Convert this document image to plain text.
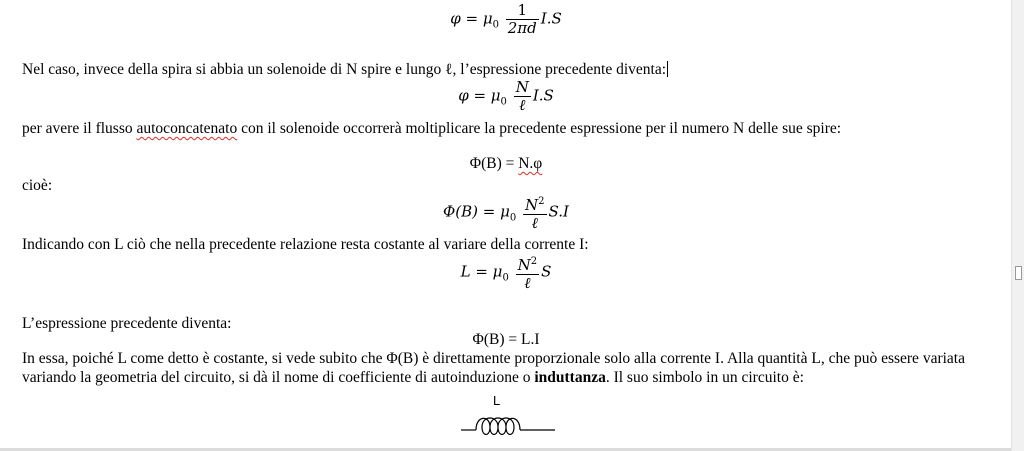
$\varphi = \mu_0 \frac{1}{2\pi d} I.S$
Nel caso, invece della spira si abbia un solenoide di N spire e lungo ℓ, l’espressione precedente diventa:
$\varphi = \mu_0 \frac{N}{\text{ℓ}} I.S$
per avere il flusso autoconcatenato con il solenoide occorrerà moltiplicare la precedente espressione per il numero N delle sue spire:
Φ(B) = N.φ
cioè:
$\Phi(B) = \mu_0 \frac{N^2}{\text{ℓ}} S.I$
Indicando con L ciò che nella precedente relazione resta costante al variare della corrente I:
$L = \mu_0 \frac{N^2}{\text{ℓ}}$ S
L’espressione precedente diventa:
Φ(B) = L.I
In essa, poiché L come detto è costante, si vede subito che Φ(B) è direttamente proporzionale solo alla corrente I. Alla quantità L, che può essere variata variando la geometria del circuito, si dà il nome di coefficiente di autoinduzione o induttanza. Il suo simbolo in un circuito è:
L
